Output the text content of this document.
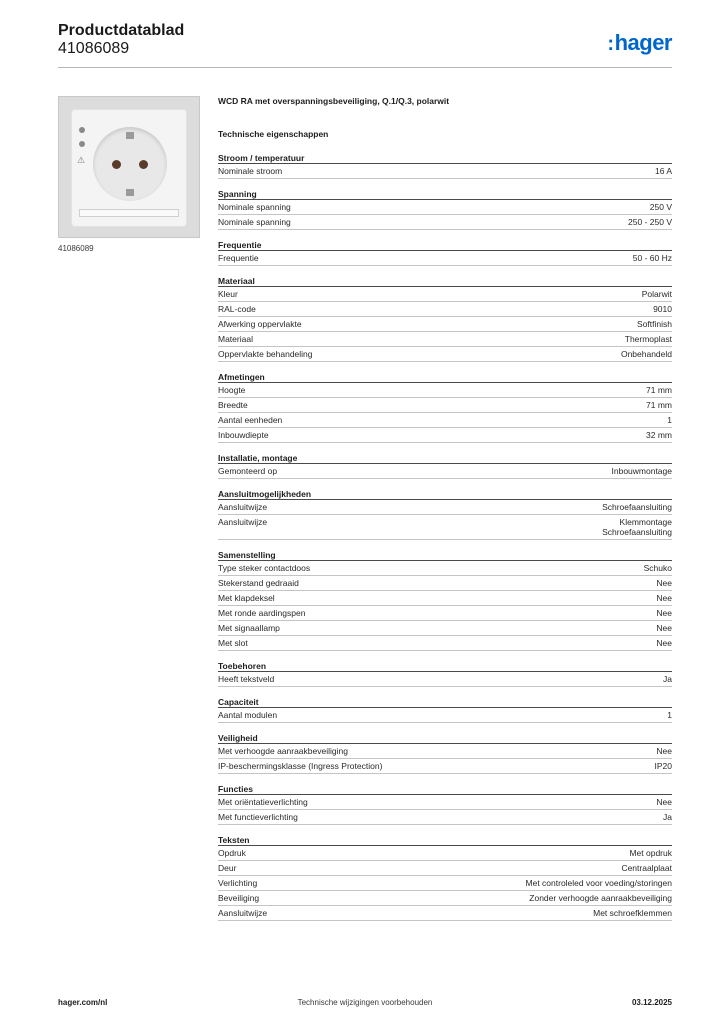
Productdatablad
41086089	:hager
⚠
41086089
WCD RA met overspanningsbeveiliging, Q.1/Q.3, polarwit
Technische eigenschappen
Stroom / temperatuur
Nominale stroom	16 A
Spanning
Nominale spanning	250 V
Nominale spanning	250 - 250 V
Frequentie
Frequentie	50 - 60 Hz
Materiaal
Kleur	Polarwit
RAL-code	9010
Afwerking oppervlakte	Softfinish
Materiaal	Thermoplast
Oppervlakte behandeling	Onbehandeld
Afmetingen
Hoogte	71 mm
Breedte	71 mm
Aantal eenheden	1
Inbouwdiepte	32 mm
Installatie, montage
Gemonteerd op	Inbouwmontage
Aansluitmogelijkheden
Aansluitwijze	Schroefaansluiting
Aansluitwijze	Klemmontage
Schroefaansluiting
Samenstelling
Type steker contactdoos	Schuko
Stekerstand gedraaid	Nee
Met klapdeksel	Nee
Met ronde aardingspen	Nee
Met signaallamp	Nee
Met slot	Nee
Toebehoren
Heeft tekstveld	Ja
Capaciteit
Aantal modulen	1
Veiligheid
Met verhoogde aanraakbeveiliging	Nee
IP-beschermingsklasse (Ingress Protection)	IP20
Functies
Met oriëntatieverlichting	Nee
Met functieverlichting	Ja
Teksten
Opdruk	Met opdruk
Deur	Centraalplaat
Verlichting	Met controleled voor voeding/storingen
Beveiliging	Zonder verhoogde aanraakbeveiliging
Aansluitwijze	Met schroefklemmen
Technische wijzigingen voorbehouden
hager.com/nl	03.12.2025
